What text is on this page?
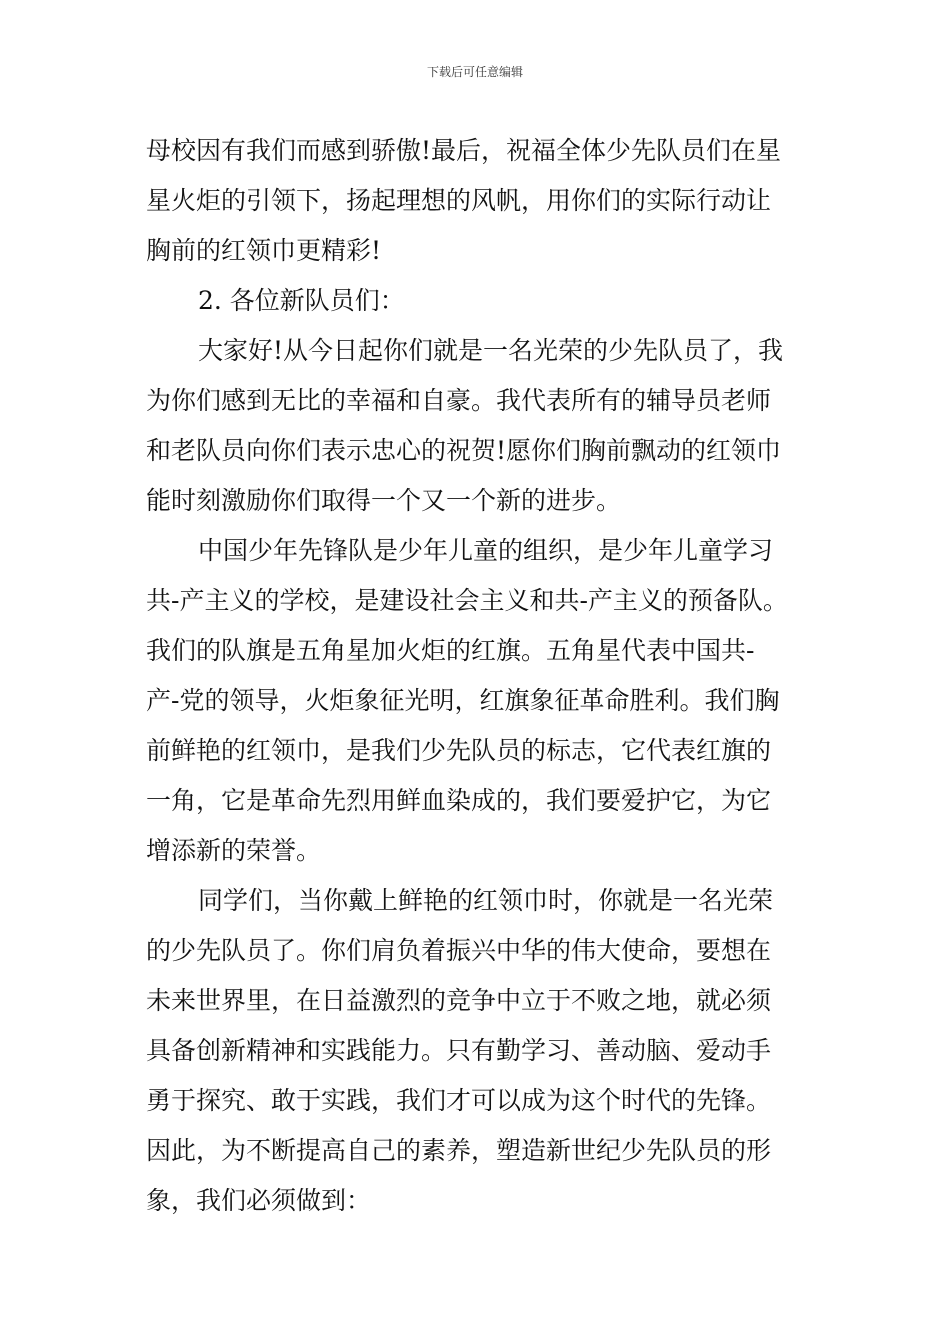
下载后可任意编辑
母校因有我们而感到骄傲!最后，祝福全体少先队员们在星
星火炬的引领下，扬起理想的风帆，用你们的实际行动让
胸前的红领巾更精彩!
2. 各位新队员们：
大家好!从今日起你们就是一名光荣的少先队员了，我
为你们感到无比的幸福和自豪。我代表所有的辅导员老师
和老队员向你们表示忠心的祝贺!愿你们胸前飘动的红领巾
能时刻激励你们取得一个又一个新的进步。
中国少年先锋队是少年儿童的组织，是少年儿童学习
共-产主义的学校，是建设社会主义和共-产主义的预备队。
我们的队旗是五角星加火炬的红旗。五角星代表中国共-
产-党的领导，火炬象征光明，红旗象征革命胜利。我们胸
前鲜艳的红领巾，是我们少先队员的标志，它代表红旗的
一角，它是革命先烈用鲜血染成的，我们要爱护它，为它
增添新的荣誉。
同学们，当你戴上鲜艳的红领巾时，你就是一名光荣
的少先队员了。你们肩负着振兴中华的伟大使命，要想在
未来世界里，在日益激烈的竞争中立于不败之地，就必须
具备创新精神和实践能力。只有勤学习、善动脑、爱动手
勇于探究、敢于实践，我们才可以成为这个时代的先锋。
因此，为不断提高自己的素养，塑造新世纪少先队员的形
象，我们必须做到：
